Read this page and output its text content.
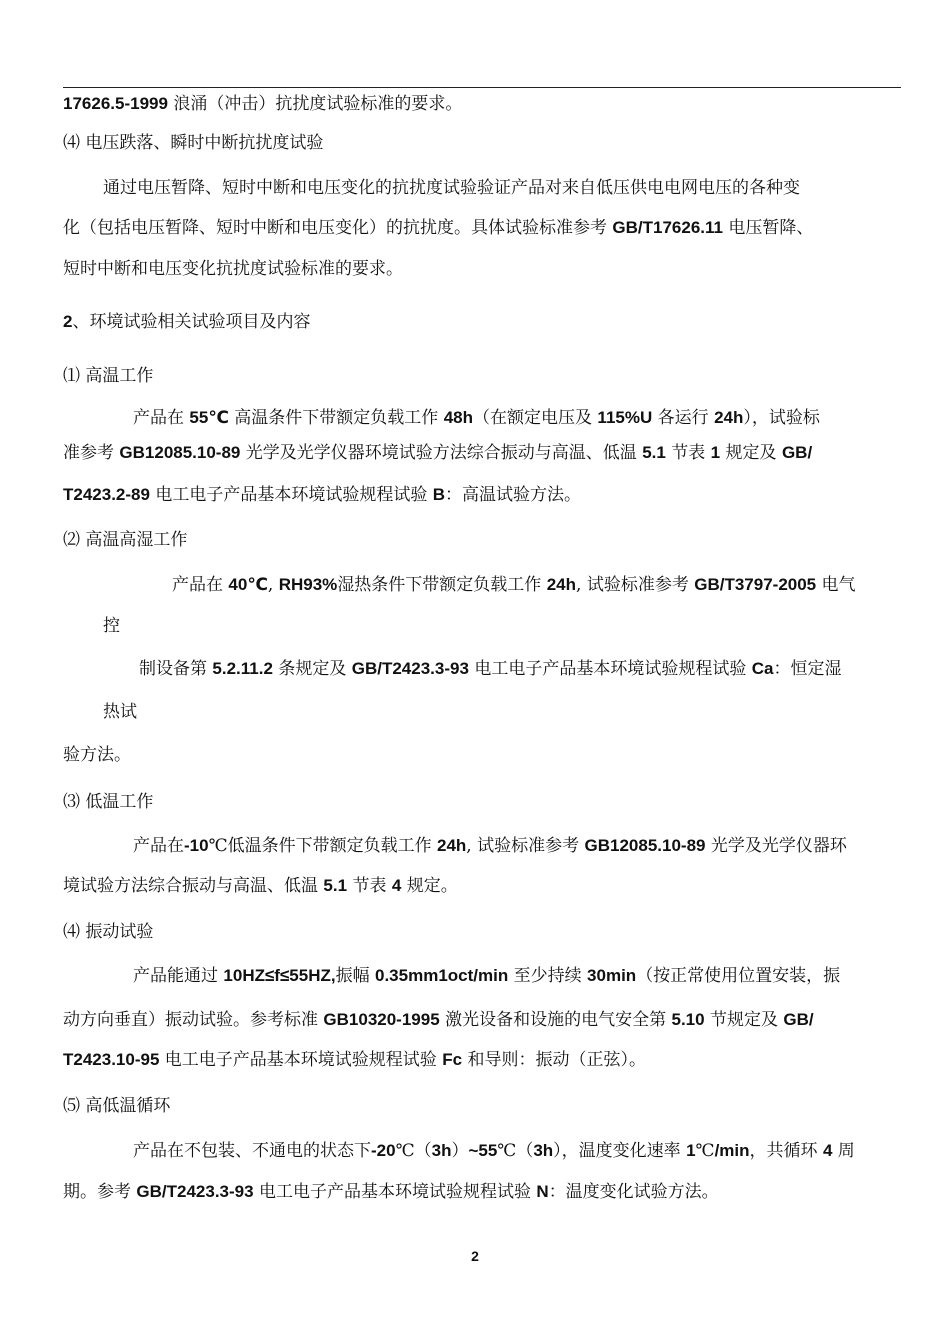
17626.5-1999 浪涌（冲击）抗扰度试验标准的要求。
⑷ 电压跌落、瞬时中断抗扰度试验
通过电压暂降、短时中断和电压变化的抗扰度试验验证产品对来自低压供电电网电压的各种变
化（包括电压暂降、短时中断和电压变化）的抗扰度。具体试验标准参考 GB/T17626.11 电压暂降、
短时中断和电压变化抗扰度试验标准的要求。
2、环境试验相关试验项目及内容
⑴ 高温工作
产品在 55℃ 高温条件下带额定负载工作 48h（在额定电压及 115%U 各运行 24h），试验标
准参考 GB12085.10-89 光学及光学仪器环境试验方法综合振动与高温、低温 5.1 节表 1 规定及 GB/
T2423.2-89 电工电子产品基本环境试验规程试验 B：高温试验方法。
⑵ 高温高湿工作
产品在 40℃, RH93%湿热条件下带额定负载工作 24h, 试验标准参考 GB/T3797-2005 电气
控
制设备第 5.2.11.2 条规定及 GB/T2423.3-93 电工电子产品基本环境试验规程试验 Ca：恒定湿
热试
验方法。
⑶ 低温工作
产品在-10℃低温条件下带额定负载工作 24h, 试验标准参考 GB12085.10-89 光学及光学仪器环
境试验方法综合振动与高温、低温 5.1 节表 4 规定。
⑷ 振动试验
产品能通过 10HZ≤f≤55HZ,振幅 0.35mm1oct/min 至少持续 30min（按正常使用位置安装，振
动方向垂直）振动试验。参考标准 GB10320-1995 激光设备和设施的电气安全第 5.10 节规定及 GB/
T2423.10-95 电工电子产品基本环境试验规程试验 Fc 和导则：振动（正弦）。
⑸ 高低温循环
产品在不包装、不通电的状态下-20℃（3h）~55℃（3h），温度变化速率 1℃/min，共循环 4 周
期。参考 GB/T2423.3-93 电工电子产品基本环境试验规程试验 N：温度变化试验方法。
2
